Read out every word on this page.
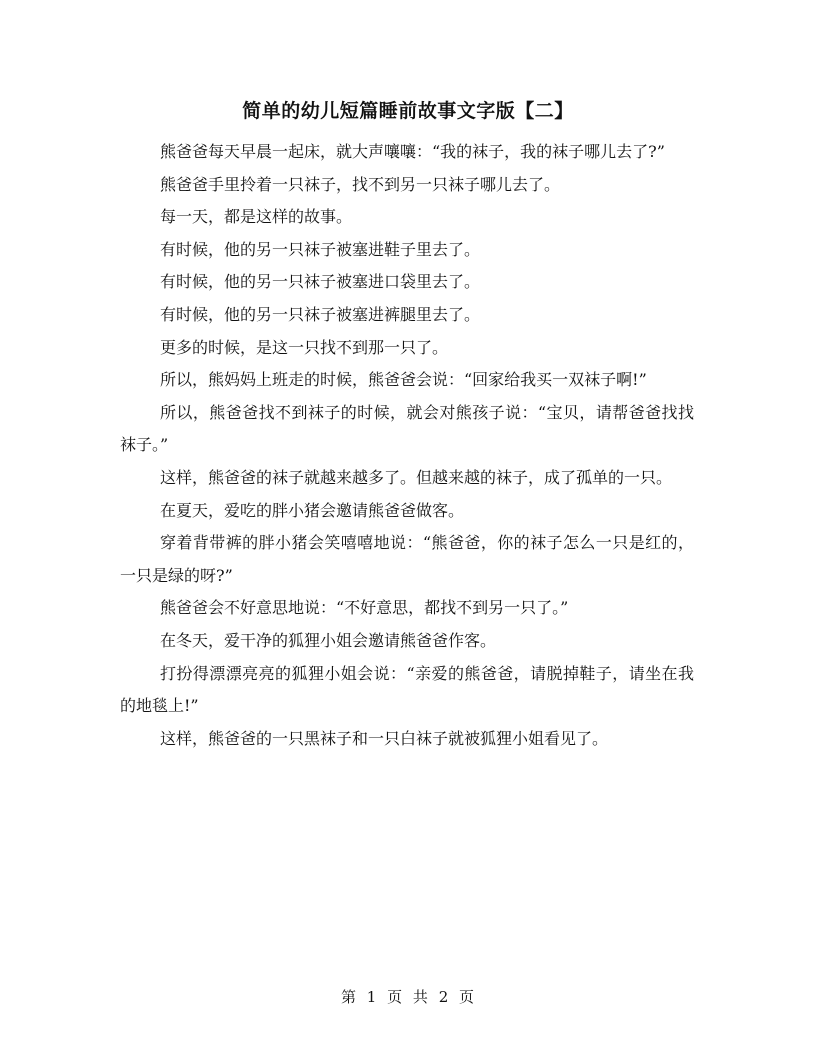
简单的幼儿短篇睡前故事文字版【二】

熊爸爸每天早晨一起床，就大声嚷嚷：“我的袜子，我的袜子哪儿去了?”

熊爸爸手里拎着一只袜子，找不到另一只袜子哪儿去了。

每一天，都是这样的故事。

有时候，他的另一只袜子被塞进鞋子里去了。

有时候，他的另一只袜子被塞进口袋里去了。

有时候，他的另一只袜子被塞进裤腿里去了。

更多的时候，是这一只找不到那一只了。

所以，熊妈妈上班走的时候，熊爸爸会说：“回家给我买一双袜子啊!”

所以，熊爸爸找不到袜子的时候，就会对熊孩子说：“宝贝，请帮爸爸找找袜子。”

这样，熊爸爸的袜子就越来越多了。但越来越的袜子，成了孤单的一只。

在夏天，爱吃的胖小猪会邀请熊爸爸做客。

穿着背带裤的胖小猪会笑嘻嘻地说：“熊爸爸，你的袜子怎么一只是红的，一只是绿的呀?”

熊爸爸会不好意思地说：“不好意思，都找不到另一只了。”

在冬天，爱干净的狐狸小姐会邀请熊爸爸作客。

打扮得漂漂亮亮的狐狸小姐会说：“亲爱的熊爸爸，请脱掉鞋子，请坐在我的地毯上!”

这样，熊爸爸的一只黑袜子和一只白袜子就被狐狸小姐看见了。

第 1 页 共 2 页
